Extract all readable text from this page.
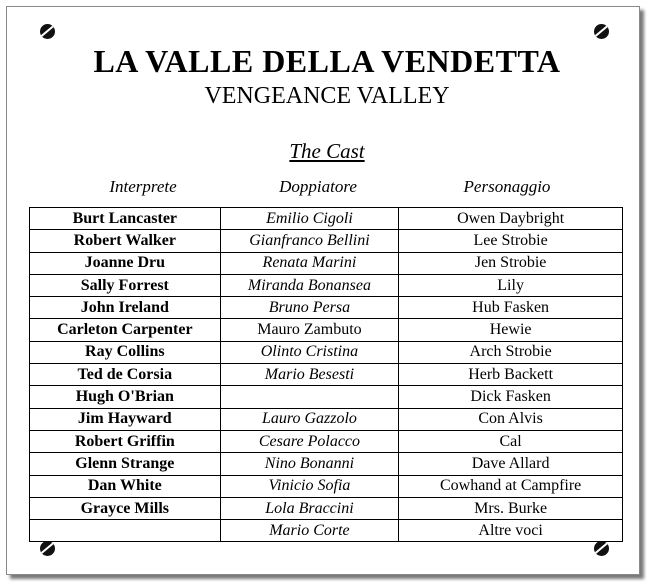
LA VALLE DELLA VENDETTA
VENGEANCE VALLEY
The Cast
Interprete	Doppiatore	Personaggio
Burt Lancaster	Emilio Cigoli	Owen Daybright
Robert Walker	Gianfranco Bellini	Lee Strobie
Joanne Dru	Renata Marini	Jen Strobie
Sally Forrest	Miranda Bonansea	Lily
John Ireland	Bruno Persa	Hub Fasken
Carleton Carpenter	Mauro Zambuto	Hewie
Ray Collins	Olinto Cristina	Arch Strobie
Ted de Corsia	Mario Besesti	Herb Backett
Hugh O'Brian		Dick Fasken
Jim Hayward	Lauro Gazzolo	Con Alvis
Robert Griffin	Cesare Polacco	Cal
Glenn Strange	Nino Bonanni	Dave Allard
Dan White	Vinicio Sofia	Cowhand at Campfire
Grayce Mills	Lola Braccini	Mrs. Burke
	Mario Corte	Altre voci
